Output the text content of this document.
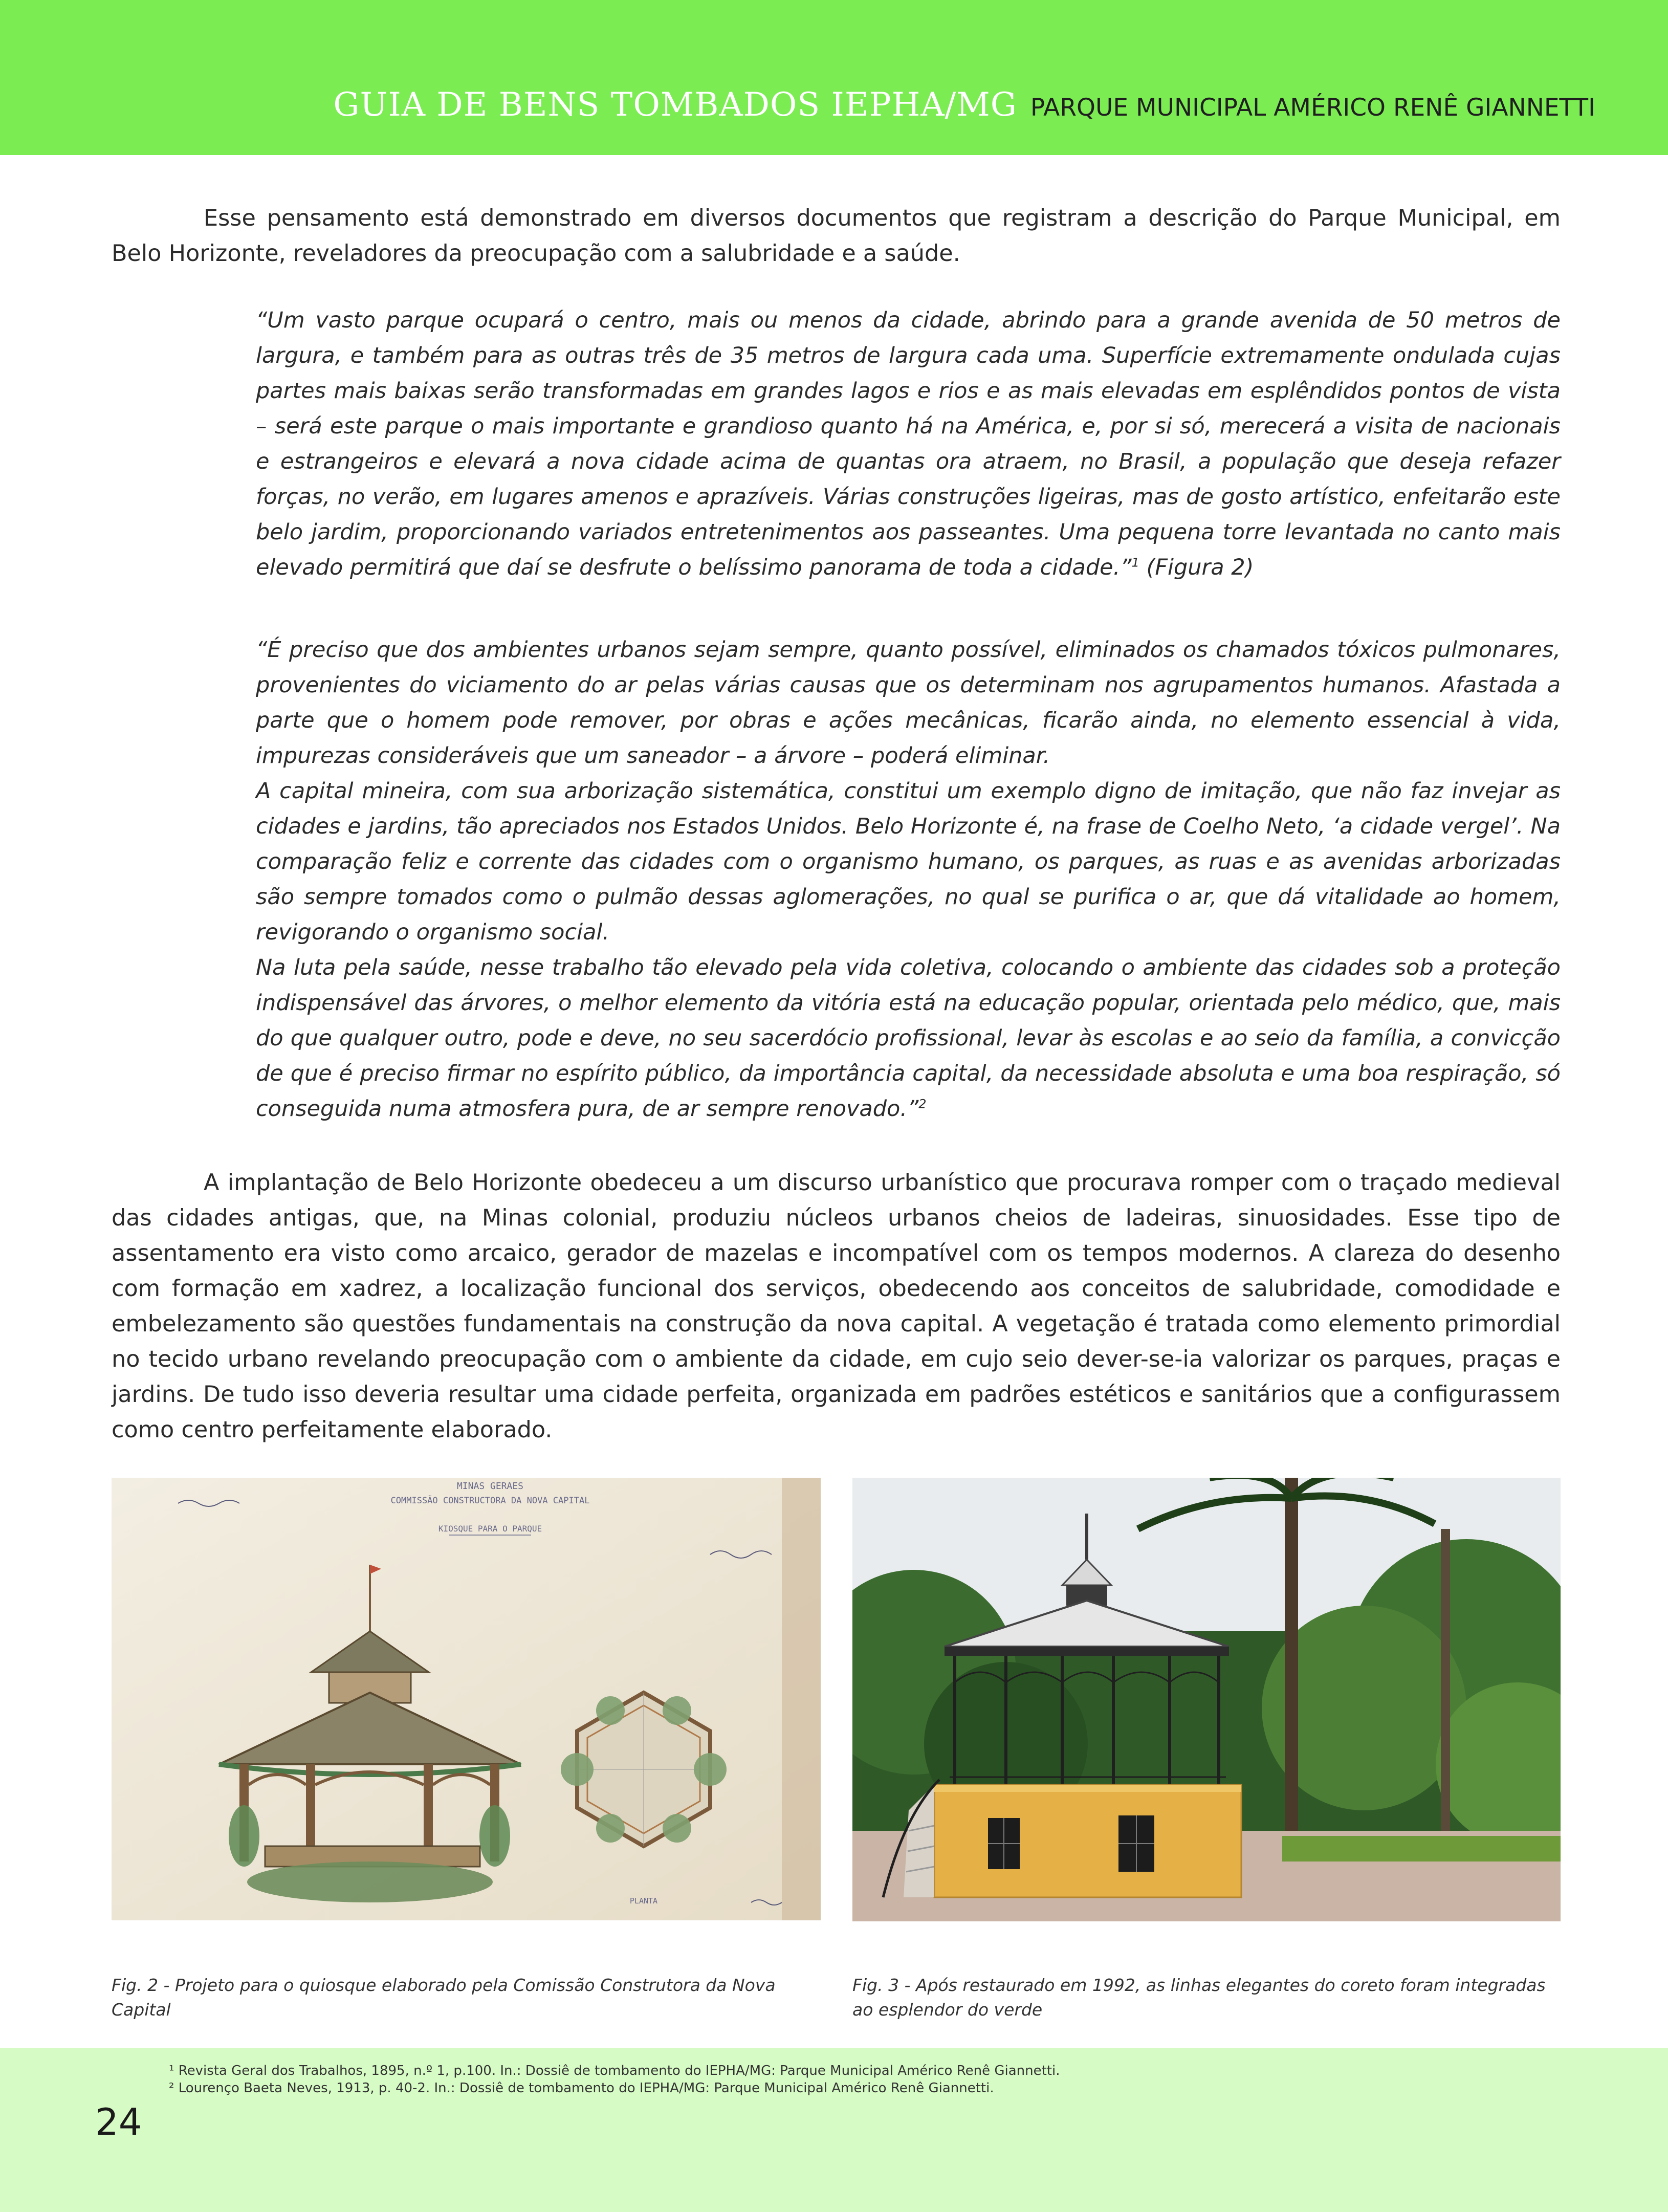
GUIA DE BENS TOMBADOS IEPHA/MG PARQUE MUNICIPAL AMÉRICO RENÊ GIANNETTI

Esse pensamento está demonstrado em diversos documentos que registram a descrição do Parque Municipal, em Belo Horizonte, reveladores da preocupação com a salubridade e a saúde.

“Um vasto parque ocupará o centro, mais ou menos da cidade, abrindo para a grande avenida de 50 metros de largura, e também para as outras três de 35 metros de largura cada uma. Superfície extremamente ondulada cujas partes mais baixas serão transformadas em grandes lagos e rios e as mais elevadas em esplêndidos pontos de vista – será este parque o mais importante e grandioso quanto há na América, e, por si só, merecerá a visita de nacionais e estrangeiros e elevará a nova cidade acima de quantas ora atraem, no Brasil, a população que deseja refazer forças, no verão, em lugares amenos e aprazíveis. Várias construções ligeiras, mas de gosto artístico, enfeitarão este belo jardim, proporcionando variados entretenimentos aos passeantes. Uma pequena torre levantada no canto mais elevado permitirá que daí se desfrute o belíssimo panorama de toda a cidade.”$^1$ (Figura 2)

“É preciso que dos ambientes urbanos sejam sempre, quanto possível, eliminados os chamados tóxicos pulmonares, provenientes do viciamento do ar pelas várias causas que os determinam nos agrupamentos humanos. Afastada a parte que o homem pode remover, por obras e ações mecânicas, ficarão ainda, no elemento essencial à vida, impurezas consideráveis que um saneador – a árvore – poderá eliminar.

A capital mineira, com sua arborização sistemática, constitui um exemplo digno de imitação, que não faz invejar as cidades e jardins, tão apreciados nos Estados Unidos. Belo Horizonte é, na frase de Coelho Neto, ‘a cidade vergel’. Na comparação feliz e corrente das cidades com o organismo humano, os parques, as ruas e as avenidas arborizadas são sempre tomados como o pulmão dessas aglomerações, no qual se purifica o ar, que dá vitalidade ao homem, revigorando o organismo social.

Na luta pela saúde, nesse trabalho tão elevado pela vida coletiva, colocando o ambiente das cidades sob a proteção indispensável das árvores, o melhor elemento da vitória está na educação popular, orientada pelo médico, que, mais do que qualquer outro, pode e deve, no seu sacerdócio profissional, levar às escolas e ao seio da família, a convicção de que é preciso firmar no espírito público, da importância capital, da necessidade absoluta e uma boa respiração, só conseguida numa atmosfera pura, de ar sempre renovado.”$^2$

A implantação de Belo Horizonte obedeceu a um discurso urbanístico que procurava romper com o traçado medieval das cidades antigas, que, na Minas colonial, produziu núcleos urbanos cheios de ladeiras, sinuosidades. Esse tipo de assentamento era visto como arcaico, gerador de mazelas e incompatível com os tempos modernos. A clareza do desenho com formação em xadrez, a localização funcional dos serviços, obedecendo aos conceitos de salubridade, comodidade e embelezamento são questões fundamentais na construção da nova capital. A vegetação é tratada como elemento primordial no tecido urbano revelando preocupação com o ambiente da cidade, em cujo seio dever-se-ia valorizar os parques, praças e jardins. De tudo isso deveria resultar uma cidade perfeita, organizada em padrões estéticos e sanitários que a configurassem como centro perfeitamente elaborado.

MINAS GERAES
COMMISSÃO CONSTRUCTORA DA NOVA CAPITAL
KIOSQUE PARA O PARQUE
PLANTA

Fig. 2 - Projeto para o quiosque elaborado pela Comissão Construtora da Nova Capital

Fig. 3 - Após restaurado em 1992, as linhas elegantes do coreto foram integradas ao esplendor do verde

¹ Revista Geral dos Trabalhos, 1895, n.º 1, p.100. In.: Dossiê de tombamento do IEPHA/MG: Parque Municipal Américo Renê Giannetti.
² Lourenço Baeta Neves, 1913, p. 40-2. In.: Dossiê de tombamento do IEPHA/MG: Parque Municipal Américo Renê Giannetti.
24
